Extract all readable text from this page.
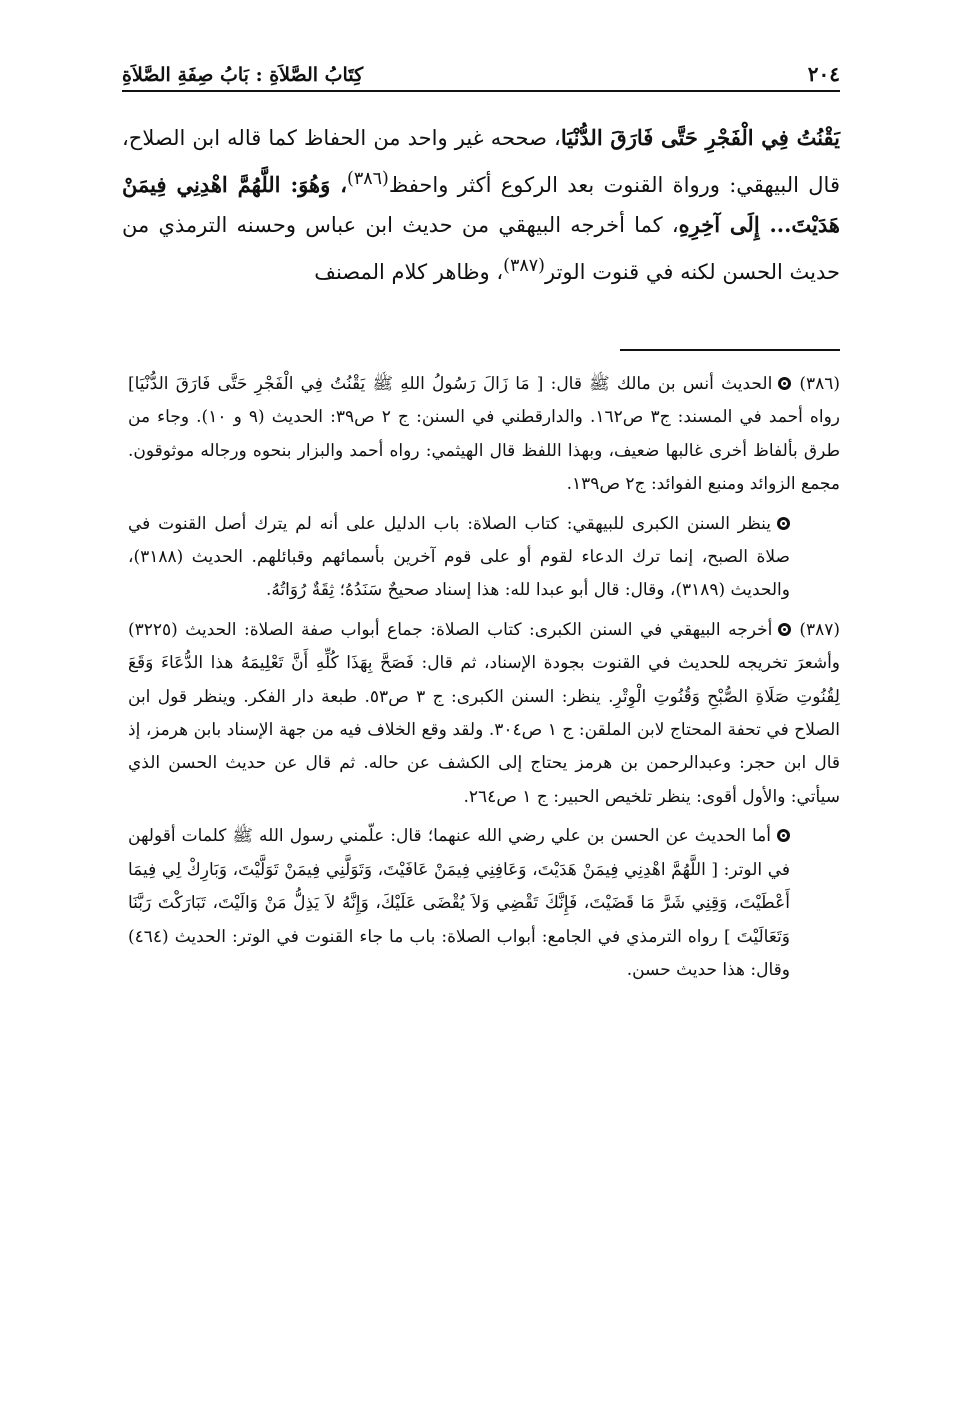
٢٠٤
كِتَابُ الصَّلاَةِ : بَابُ صِفَةِ الصَّلاَةِ

يَقْنُتُ فِي الْفَجْرِ حَتَّى فَارَقَ الدُّنْيَا، صححه غير واحد من الحفاظ كما قاله ابن الصلاح، قال البيهقي: ورواة القنوت بعد الركوع أكثر واحفظ$^{(٣٨٦)}$، وَهُوَ: اللَّهُمَّ اهْدِنِي فِيمَنْ هَدَيْتَ... إِلَى آخِرِهِ، كما أخرجه البيهقي من حديث ابن عباس وحسنه الترمذي من حديث الحسن لكنه في قنوت الوتر$^{(٣٨٧)}$، وظاهر كلام المصنف

(٣٨٦)الحديث أنس بن مالك ﷺ قال: [ مَا زَالَ رَسُولُ اللهِ ﷺ يَقْنُتُ فِي الْفَجْرِ حَتَّى فَارَقَ الدُّنْيَا] رواه أحمد في المسند: ج٣ ص١٦٢. والدارقطني في السنن: ج ٢ ص٣٩: الحديث (٩ و ١٠). وجاء من طرق بألفاظ أخرى غالبها ضعيف، وبهذا اللفظ قال الهيثمي: رواه أحمد والبزار بنحوه ورجاله موثوقون. مجمع الزوائد ومنبع الفوائد: ج٢ ص١٣٩.

ينظر السنن الكبرى للبيهقي: كتاب الصلاة: باب الدليل على أنه لم يترك أصل القنوت في صلاة الصبح، إنما ترك الدعاء لقوم أو على قوم آخرين بأسمائهم وقبائلهم. الحديث (٣١٨٨)، والحديث (٣١٨٩)، وقال: قال أبو عبدا لله: هذا إسناد صحيحٌ سَنَدُهُ؛ ثِقَةٌ رُوَاتُهُ.

(٣٨٧)أخرجه البيهقي في السنن الكبرى: كتاب الصلاة: جماع أبواب صفة الصلاة: الحديث (٣٢٢٥) وأشعرَ تخريجه للحديث في القنوت بجودة الإسناد، ثم قال: فَصَحَّ بِهَذَا كُلِّهِ أَنَّ تَعْلِيمَهُ هذا الدُّعَاءَ وَقَعَ لِقُنُوتِ صَلَاةِ الصُّبْحِ وَقُنُوتِ الْوِتْرِ. ينظر: السنن الكبرى: ج ٣ ص٥٣. طبعة دار الفكر. وينظر قول ابن الصلاح في تحفة المحتاج لابن الملقن: ج ١ ص٣٠٤. ولقد وقع الخلاف فيه من جهة الإسناد بابن هرمز، إذ قال ابن حجر: وعبدالرحمن بن هرمز يحتاج إلى الكشف عن حاله. ثم قال عن حديث الحسن الذي سيأتي: والأول أقوى: ينظر تلخيص الحبير: ج ١ ص٢٦٤.

أما الحديث عن الحسن بن علي رضي الله عنهما؛ قال: علّمني رسول الله ﷺ كلمات أقولهن في الوتر: [ اللَّهُمَّ اهْدِنِي فِيمَنْ هَدَيْتَ، وَعَافِنِي فِيمَنْ عَافَيْتَ، وَتَوَلَّنِي فِيمَنْ تَوَلَّيْتَ، وَبَارِكْ لِي فِيمَا أَعْطَيْتَ، وَقِنِي شَرَّ مَا قَضَيْتَ، فَإِنَّكَ تَقْضِي وَلاَ يُقْضَى عَلَيْكَ، وَإِنَّهُ لاَ يَذِلُّ مَنْ وَالَيْتَ، تَبَارَكْتَ رَبَّنَا وَتَعَالَيْتَ ] رواه الترمذي في الجامع: أبواب الصلاة: باب ما جاء القنوت في الوتر: الحديث (٤٦٤) وقال: هذا حديث حسن.
